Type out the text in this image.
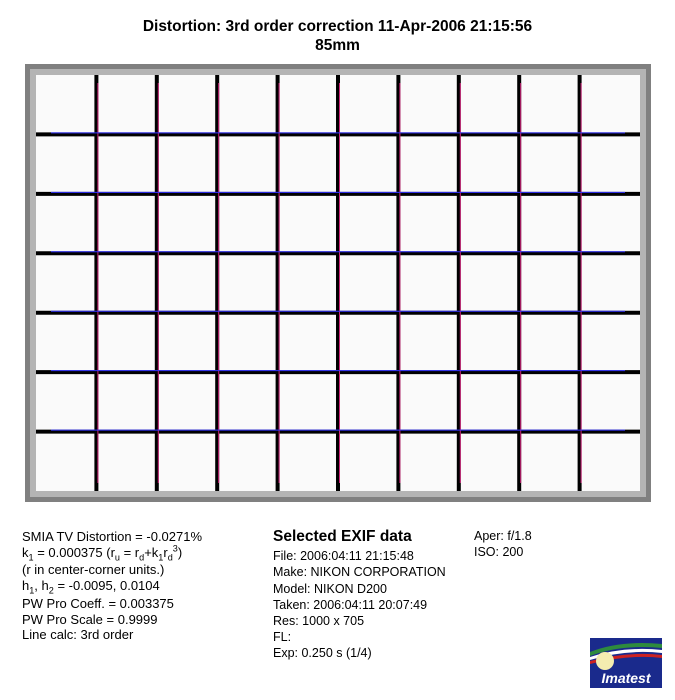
Distortion: 3rd order correction 11-Apr-2006 21:15:56
85mm
SMIA TV Distortion = -0.0271%
$k_1 = 0.000375$ $(r_u = r_d+k_1r_d^3)$
(r in center-corner units.)
$h_1$, $h_2 = -0.0095$, 0.0104
PW Pro Coeff. = 0.003375
PW Pro Scale = 0.9999
Line calc: 3rd order
Selected EXIF data
File: 2006:04:11 21:15:48
Make: NIKON CORPORATION
Model: NIKON D200
Taken: 2006:04:11 20:07:49
Res: 1000 x 705
FL:
Exp: 0.250 s (1/4)
Aper: f/1.8
ISO: 200
Imatest
